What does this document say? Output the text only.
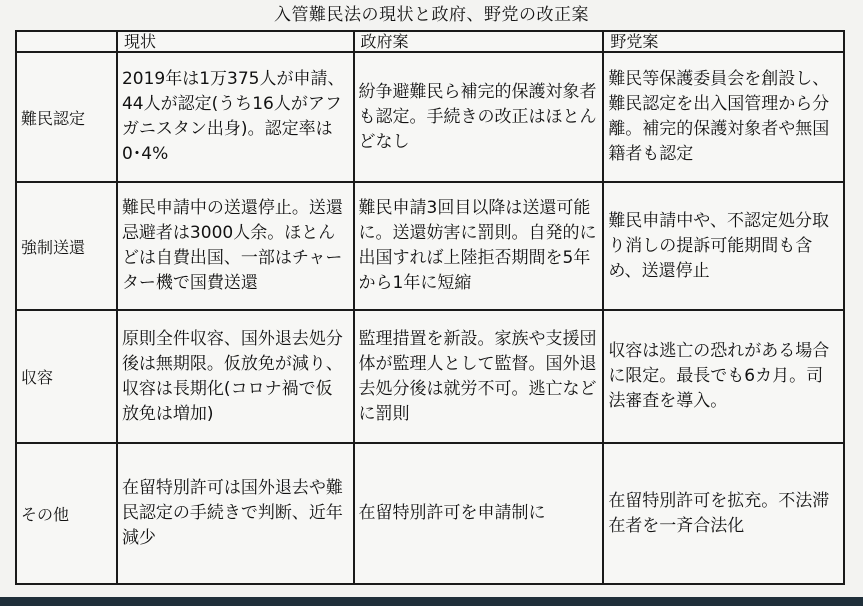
入管難民法の現状と政府、野党の改正案
	現状	政府案	野党案
難民認定	2019年は1万375人が申請、44人が認定(うち16人がアフガニスタン出身)。認定率は0･4%	紛争避難民ら補完的保護対象者も認定。手続きの改正はほとんどなし	難民等保護委員会を創設し、難民認定を出入国管理から分離。補完的保護対象者や無国籍者も認定
強制送還	難民申請中の送還停止。送還忌避者は3000人余。ほとんどは自費出国、一部はチャーター機で国費送還	難民申請3回目以降は送還可能に。送還妨害に罰則。自発的に出国すれば上陸拒否期間を5年から1年に短縮	難民申請中や、不認定処分取り消しの提訴可能期間も含め、送還停止
収容	原則全件収容、国外退去処分後は無期限。仮放免が減り、収容は長期化(コロナ禍で仮放免は増加)	監理措置を新設。家族や支援団体が監理人として監督。国外退去処分後は就労不可。逃亡などに罰則	収容は逃亡の恐れがある場合に限定。最長でも6カ月。司法審査を導入。
その他	在留特別許可は国外退去や難民認定の手続きで判断、近年減少	在留特別許可を申請制に	在留特別許可を拡充。不法滞在者を一斉合法化
